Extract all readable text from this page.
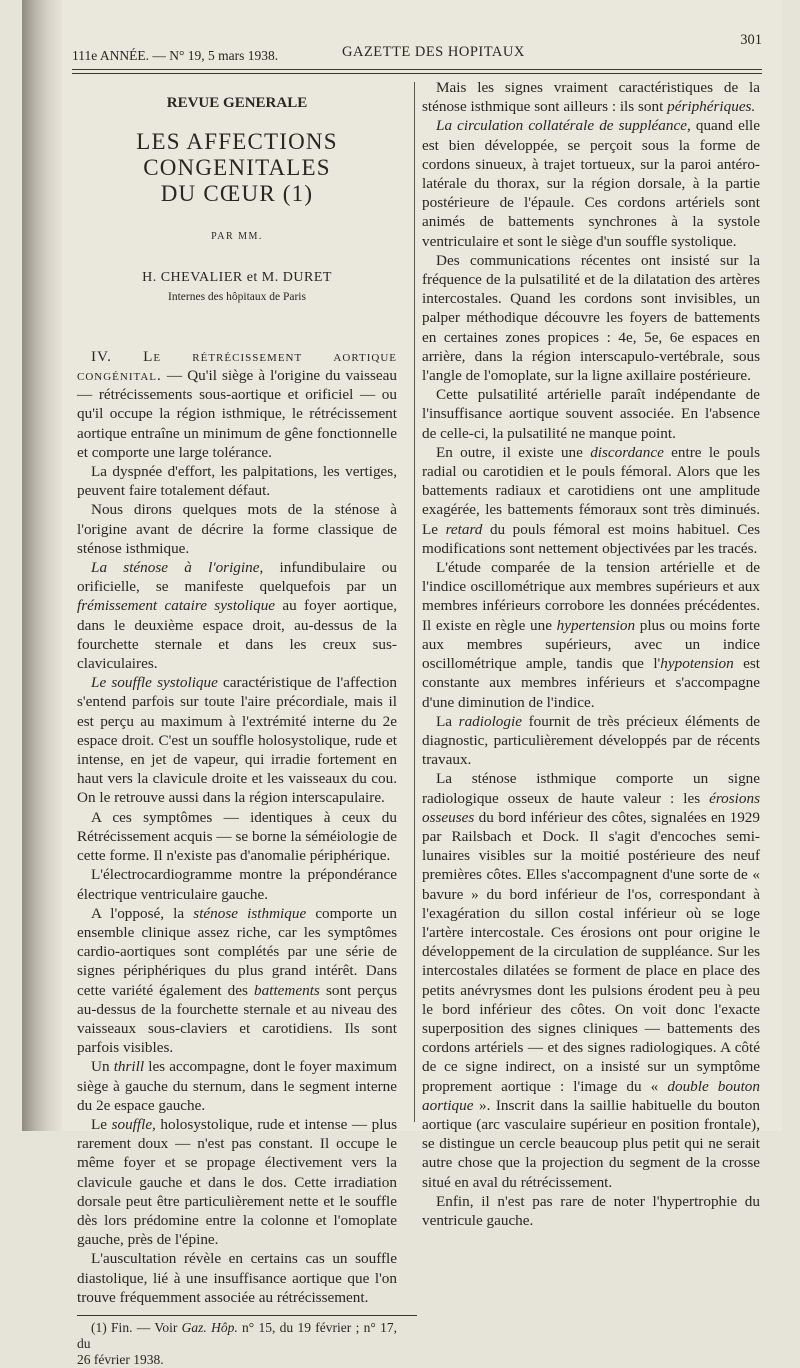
111e ANNÉE. — N° 19, 5 mars 1938.	GAZETTE DES HOPITAUX
301
REVUE GENERALE
LES AFFECTIONS CONGENITALES
DU CŒUR (1)
PAR MM.
H. CHEVALIER et M. DURET
Internes des hôpitaux de Paris

IV. Le rétrécissement aortique congénital. — Qu'il siège à l'origine du vaisseau — rétrécissements sous-aortique et orificiel — ou qu'il occupe la région isthmique, le rétrécissement aortique entraîne un minimum de gêne fonctionnelle et comporte une large tolérance.

La dyspnée d'effort, les palpitations, les vertiges, peuvent faire totalement défaut.

Nous dirons quelques mots de la sténose à l'origine avant de décrire la forme classique de sténose isthmique.

La sténose à l'origine, infundibulaire ou orificielle, se manifeste quelquefois par un frémissement cataire systolique au foyer aortique, dans le deuxième espace droit, au-dessus de la fourchette sternale et dans les creux sus-claviculaires.

Le souffle systolique caractéristique de l'affection s'entend parfois sur toute l'aire précordiale, mais il est perçu au maximum à l'extrémité interne du 2e espace droit. C'est un souffle holosystolique, rude et intense, en jet de vapeur, qui irradie fortement en haut vers la clavicule droite et les vaisseaux du cou. On le retrouve aussi dans la région interscapulaire.

A ces symptômes — identiques à ceux du Rétrécissement acquis — se borne la séméiologie de cette forme. Il n'existe pas d'anomalie périphérique.

L'électrocardiogramme montre la prépondérance électrique ventriculaire gauche.

A l'opposé, la sténose isthmique comporte un ensemble clinique assez riche, car les symptômes cardio-aortiques sont complétés par une série de signes périphériques du plus grand intérêt. Dans cette variété également des battements sont perçus au-dessus de la fourchette sternale et au niveau des vaisseaux sous-claviers et carotidiens. Ils sont parfois visibles.

Un thrill les accompagne, dont le foyer maximum siège à gauche du sternum, dans le segment interne du 2e espace gauche.

Le souffle, holosystolique, rude et intense — plus rarement doux — n'est pas constant. Il occupe le même foyer et se propage électivement vers la clavicule gauche et dans le dos. Cette irradiation dorsale peut être particulièrement nette et le souffle dès lors prédomine entre la colonne et l'omoplate gauche, près de l'épine.

L'auscultation révèle en certains cas un souffle diastolique, lié à une insuffisance aortique que l'on trouve fréquemment associée au rétrécissement.

(1) Fin. — Voir Gaz. Hôp. n° 15, du 19 février ; n° 17, du

26 février 1938.

Mais les signes vraiment caractéristiques de la sténose isthmique sont ailleurs : ils sont périphériques.

La circulation collatérale de suppléance, quand elle est bien développée, se perçoit sous la forme de cordons sinueux, à trajet tortueux, sur la paroi antéro-latérale du thorax, sur la région dorsale, à la partie postérieure de l'épaule. Ces cordons artériels sont animés de battements synchrones à la systole ventriculaire et sont le siège d'un souffle systolique.

Des communications récentes ont insisté sur la fréquence de la pulsatilité et de la dilatation des artères intercostales. Quand les cordons sont invisibles, un palper méthodique découvre les foyers de battements en certaines zones propices : 4e, 5e, 6e espaces en arrière, dans la région interscapulo-vertébrale, sous l'angle de l'omoplate, sur la ligne axillaire postérieure.

Cette pulsatilité artérielle paraît indépendante de l'insuffisance aortique souvent associée. En l'absence de celle-ci, la pulsatilité ne manque point.

En outre, il existe une discordance entre le pouls radial ou carotidien et le pouls fémoral. Alors que les battements radiaux et carotidiens ont une amplitude exagérée, les battements fémoraux sont très diminués. Le retard du pouls fémoral est moins habituel. Ces modifications sont nettement objectivées par les tracés.

L'étude comparée de la tension artérielle et de l'indice oscillométrique aux membres supérieurs et aux membres inférieurs corrobore les données précédentes. Il existe en règle une hypertension plus ou moins forte aux membres supérieurs, avec un indice oscillométrique ample, tandis que l'hypotension est constante aux membres inférieurs et s'accompagne d'une diminution de l'indice.

La radiologie fournit de très précieux éléments de diagnostic, particulièrement développés par de récents travaux.

La sténose isthmique comporte un signe radiologique osseux de haute valeur : les érosions osseuses du bord inférieur des côtes, signalées en 1929 par Railsbach et Dock. Il s'agit d'encoches semi-lunaires visibles sur la moitié postérieure des neuf premières côtes. Elles s'accompagnent d'une sorte de « bavure » du bord inférieur de l'os, correspondant à l'exagération du sillon costal inférieur où se loge l'artère intercostale. Ces érosions ont pour origine le développement de la circulation de suppléance. Sur les intercostales dilatées se forment de place en place des petits anévrysmes dont les pulsions érodent peu à peu le bord inférieur des côtes. On voit donc l'exacte superposition des signes cliniques — battements des cordons artériels — et des signes radiologiques. A côté de ce signe indirect, on a insisté sur un symptôme proprement aortique : l'image du « double bouton aortique ». Inscrit dans la saillie habituelle du bouton aortique (arc vasculaire supérieur en position frontale), se distingue un cercle beaucoup plus petit qui ne serait autre chose que la projection du segment de la crosse situé en aval du rétrécissement.

Enfin, il n'est pas rare de noter l'hypertrophie du ventricule gauche.
